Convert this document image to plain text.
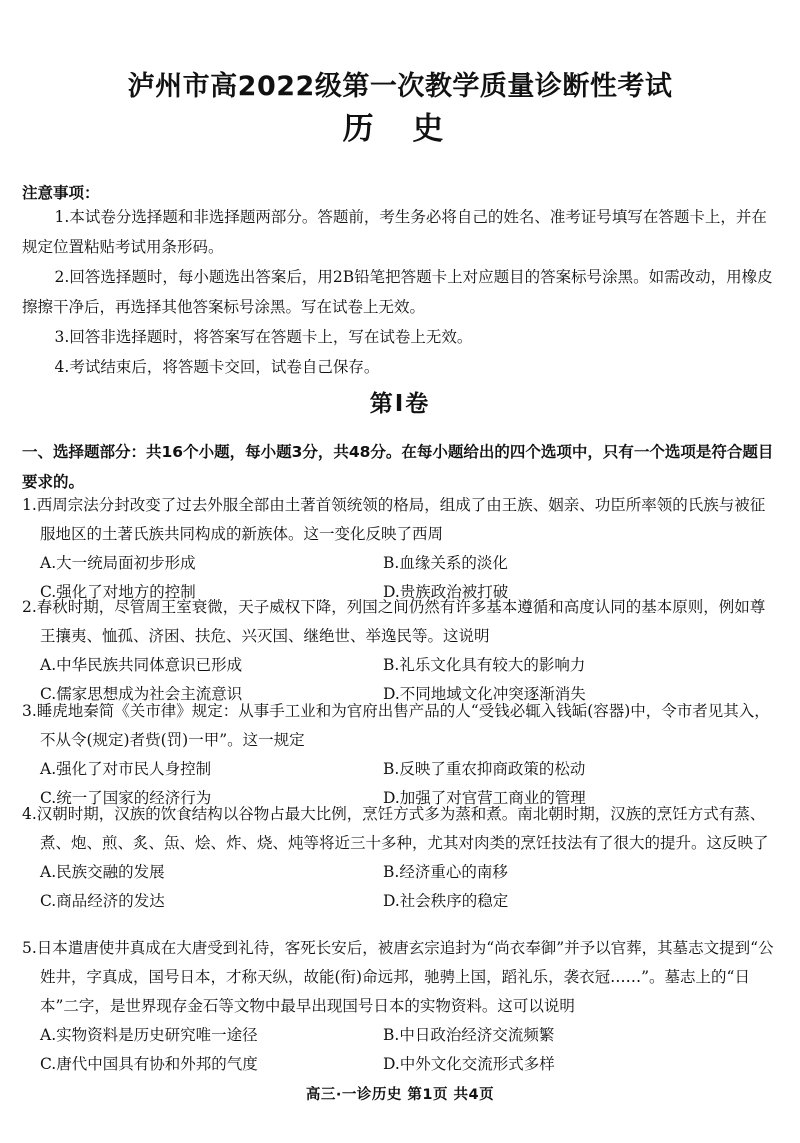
泸州市高2022级第一次教学质量诊断性考试
历 史
注意事项：
1.本试卷分选择题和非选择题两部分。答题前，考生务必将自己的姓名、准考证号填写在答题卡上，并在规定位置粘贴考试用条形码。
2.回答选择题时，每小题选出答案后，用2B铅笔把答题卡上对应题目的答案标号涂黑。如需改动，用橡皮擦擦干净后，再选择其他答案标号涂黑。写在试卷上无效。
3.回答非选择题时，将答案写在答题卡上，写在试卷上无效。
4.考试结束后，将答题卡交回，试卷自己保存。
第Ⅰ卷
一、选择题部分：共16个小题，每小题3分，共48分。在每小题给出的四个选项中，只有一个选项是符合题目要求的。
1.西周宗法分封改变了过去外服全部由土著首领统领的格局，组成了由王族、姻亲、功臣所率领的氏族与被征服地区的土著氏族共同构成的新族体。这一变化反映了西周
A.大一统局面初步形成	B.血缘关系的淡化
C.强化了对地方的控制	D.贵族政治被打破
2.春秋时期，尽管周王室衰微，天子威权下降，列国之间仍然有许多基本遵循和高度认同的基本原则，例如尊王攘夷、恤孤、济困、扶危、兴灭国、继绝世、举逸民等。这说明
A.中华民族共同体意识已形成	B.礼乐文化具有较大的影响力
C.儒家思想成为社会主流意识	D.不同地域文化冲突逐渐消失
3.睡虎地秦简《关市律》规定：从事手工业和为官府出售产品的人“受钱必辄入钱缿(容器)中，令市者见其入，不从令(规定)者赀(罚)一甲”。这一规定
A.强化了对市民人身控制	B.反映了重农抑商政策的松动
C.统一了国家的经济行为	D.加强了对官营工商业的管理
4.汉朝时期，汉族的饮食结构以谷物占最大比例，烹饪方式多为蒸和煮。南北朝时期，汉族的烹饪方式有蒸、煮、炮、煎、炙、缹、烩、炸、烧、炖等将近三十多种，尤其对肉类的烹饪技法有了很大的提升。这反映了
A.民族交融的发展	B.经济重心的南移
C.商品经济的发达	D.社会秩序的稳定
5.日本遣唐使井真成在大唐受到礼待，客死长安后，被唐玄宗追封为“尚衣奉御”并予以官葬，其墓志文提到“公姓井，字真成，国号日本，才称天纵，故能(衔)命远邦，驰骋上国，蹈礼乐，袭衣冠……”。墓志上的“日本”二字，是世界现存金石等文物中最早出现国号日本的实物资料。这可以说明
A.实物资料是历史研究唯一途径	B.中日政治经济交流频繁
C.唐代中国具有协和外邦的气度	D.中外文化交流形式多样
高三·一诊历史 第1页 共4页
